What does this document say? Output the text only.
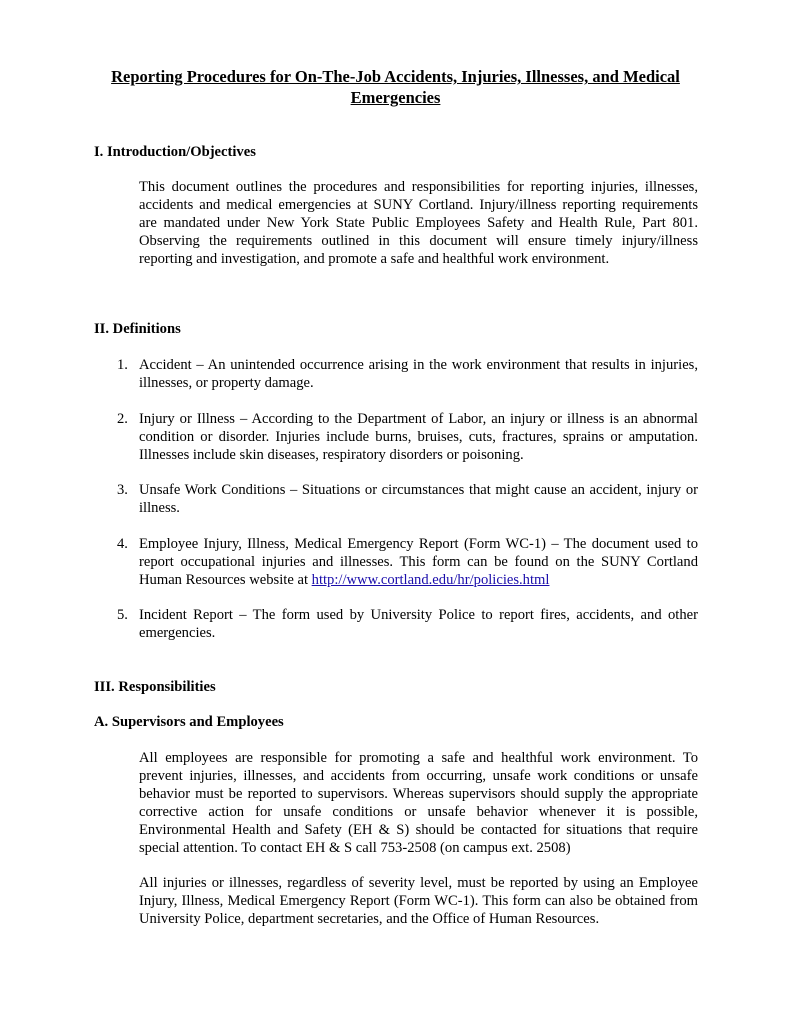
Reporting Procedures for On-The-Job Accidents, Injuries, Illnesses, and Medical Emergencies
I. Introduction/Objectives

This document outlines the procedures and responsibilities for reporting injuries, illnesses, accidents and medical emergencies at SUNY Cortland. Injury/illness reporting requirements are mandated under New York State Public Employees Safety and Health Rule, Part 801. Observing the requirements outlined in this document will ensure timely injury/illness reporting and investigation, and promote a safe and healthful work environment.

II. Definitions
1. Accident – An unintended occurrence arising in the work environment that results in injuries, illnesses, or property damage.
2. Injury or Illness – According to the Department of Labor, an injury or illness is an abnormal condition or disorder. Injuries include burns, bruises, cuts, fractures, sprains or amputation. Illnesses include skin diseases, respiratory disorders or poisoning.
3. Unsafe Work Conditions – Situations or circumstances that might cause an accident, injury or illness.
4. Employee Injury, Illness, Medical Emergency Report (Form WC-1) – The document used to report occupational injuries and illnesses. This form can be found on the SUNY Cortland Human Resources website at http://www.cortland.edu/hr/policies.html
5. Incident Report – The form used by University Police to report fires, accidents, and other emergencies.
III. Responsibilities
A. Supervisors and Employees

All employees are responsible for promoting a safe and healthful work environment. To prevent injuries, illnesses, and accidents from occurring, unsafe work conditions or unsafe behavior must be reported to supervisors. Whereas supervisors should supply the appropriate corrective action for unsafe conditions or unsafe behavior whenever it is possible, Environmental Health and Safety (EH & S) should be contacted for situations that require special attention. To contact EH & S call 753-2508 (on campus ext. 2508)

All injuries or illnesses, regardless of severity level, must be reported by using an Employee Injury, Illness, Medical Emergency Report (Form WC-1). This form can also be obtained from University Police, department secretaries, and the Office of Human Resources.
